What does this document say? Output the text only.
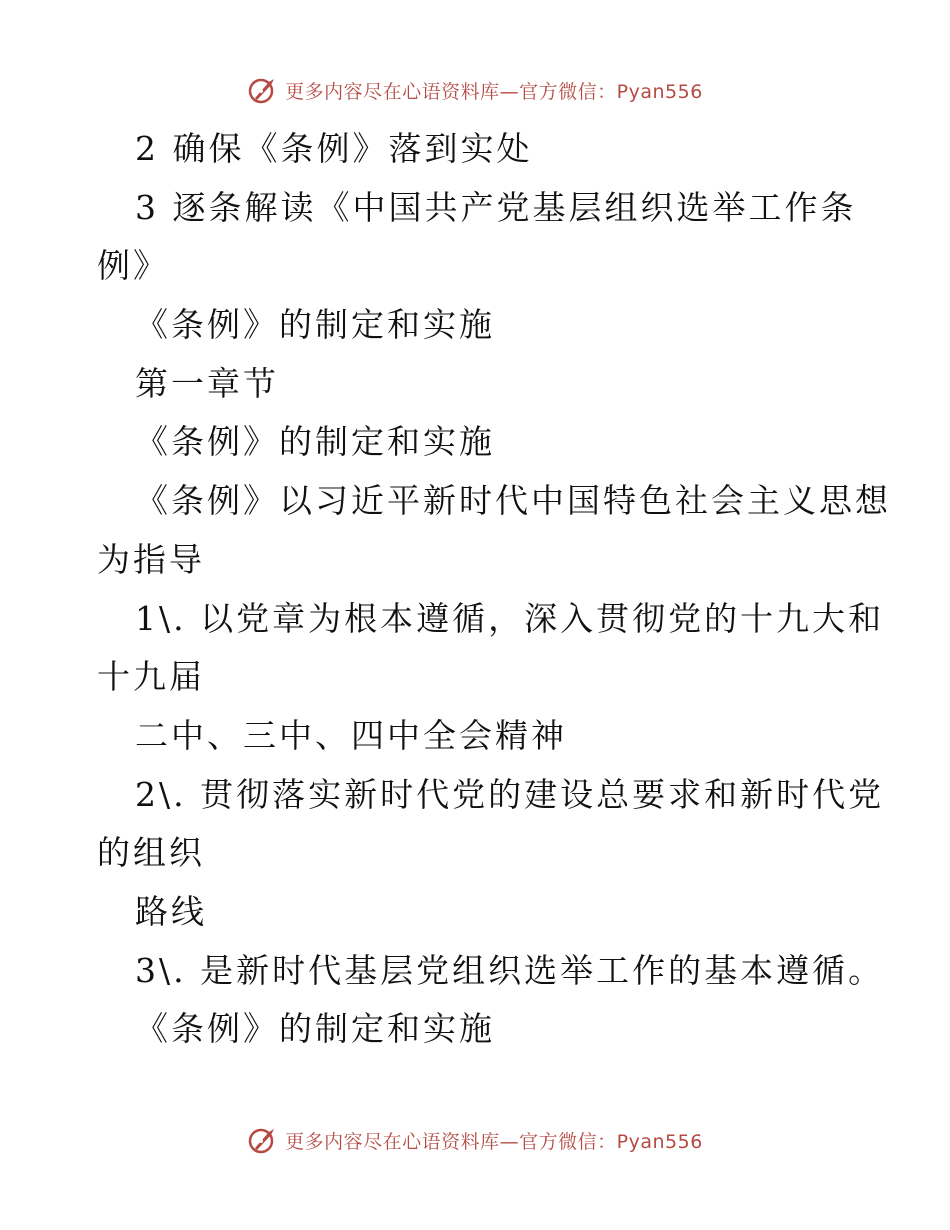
更多内容尽在心语资料库—官方微信：Pyan556
2 确保《条例》落到实处
3 逐条解读《中国共产党基层组织选举工作条
例》
《条例》的制定和实施
第一章节
《条例》的制定和实施
《条例》以习近平新时代中国特色社会主义思想
为指导
1\. 以党章为根本遵循，深入贯彻党的十九大和
十九届
二中、三中、四中全会精神
2\. 贯彻落实新时代党的建设总要求和新时代党
的组织
路线
3\. 是新时代基层党组织选举工作的基本遵循。
《条例》的制定和实施
更多内容尽在心语资料库—官方微信：Pyan556
